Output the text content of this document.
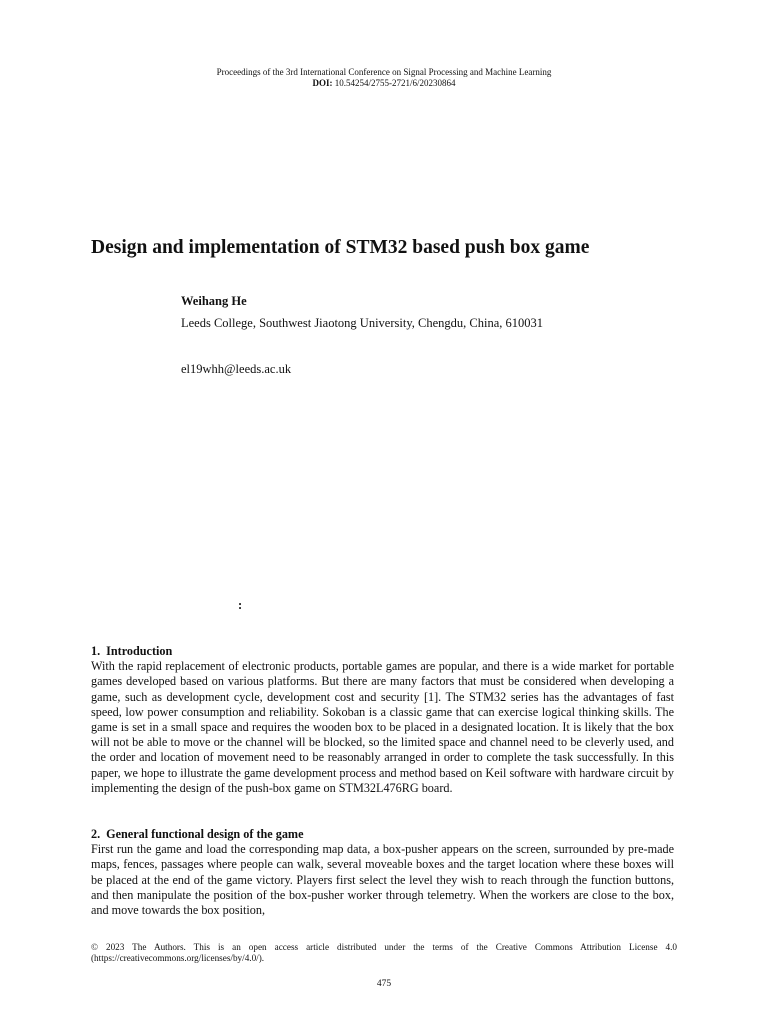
Proceedings of the 3rd International Conference on Signal Processing and Machine Learning
DOI: 10.54254/2755-2721/6/20230864
Design and implementation of STM32 based push box game
Weihang He
Leeds College, Southwest Jiaotong University, Chengdu, China, 610031
el19whh@leeds.ac.uk
:
1. Introduction

With the rapid replacement of electronic products, portable games are popular, and there is a wide market for portable games developed based on various platforms. But there are many factors that must be considered when developing a game, such as development cycle, development cost and security [1]. The STM32 series has the advantages of fast speed, low power consumption and reliability. Sokoban is a classic game that can exercise logical thinking skills. The game is set in a small space and requires the wooden box to be placed in a designated location. It is likely that the box will not be able to move or the channel will be blocked, so the limited space and channel need to be cleverly used, and the order and location of movement need to be reasonably arranged in order to complete the task successfully. In this paper, we hope to illustrate the game development process and method based on Keil software with hardware circuit by implementing the design of the push-box game on STM32L476RG board.

2. General functional design of the game

First run the game and load the corresponding map data, a box-pusher appears on the screen, surrounded by pre-made maps, fences, passages where people can walk, several moveable boxes and the target location where these boxes will be placed at the end of the game victory. Players first select the level they wish to reach through the function buttons, and then manipulate the position of the box-pusher worker through telemetry. When the workers are close to the box, and move towards the box position,

© 2023 The Authors. This is an open access article distributed under the terms of the Creative Commons Attribution License 4.0 (https://creativecommons.org/licenses/by/4.0/).
475
